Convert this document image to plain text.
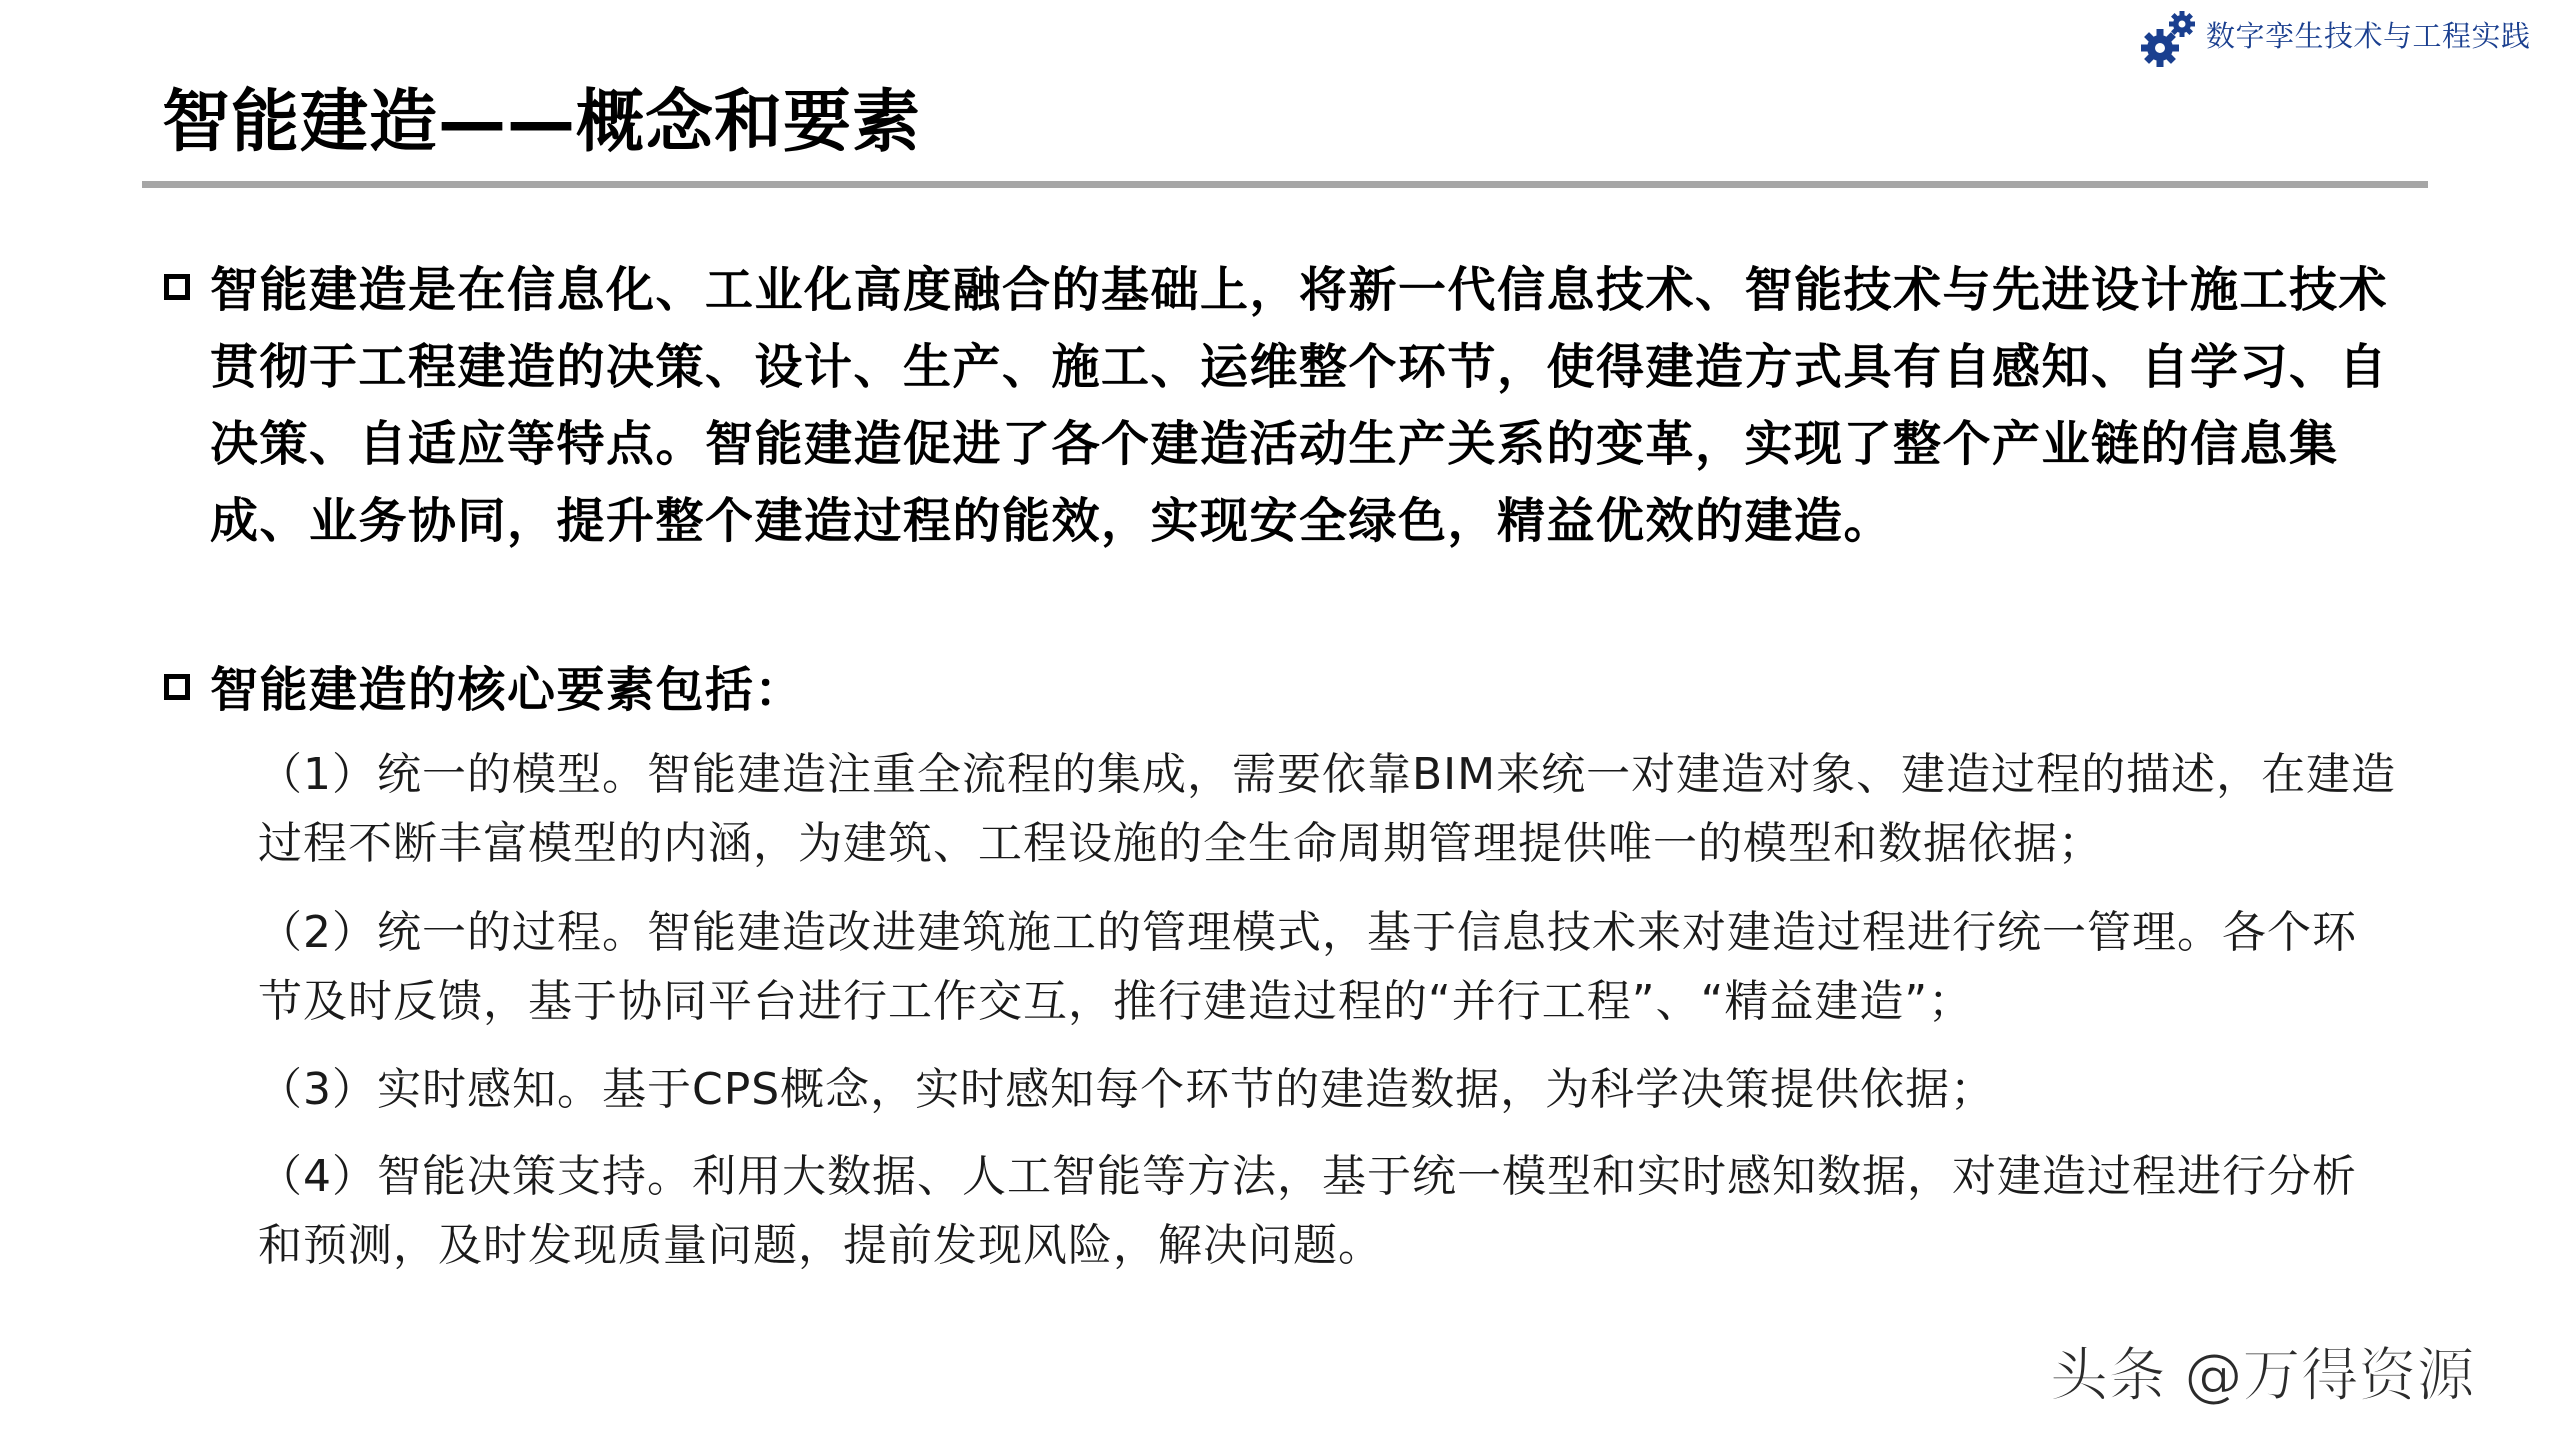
数字孪生技术与工程实践
智能建造——概念和要素
智能建造是在信息化、工业化高度融合的基础上，将新一代信息技术、智能技术与先进设计施工技术贯彻于工程建造的决策、设计、生产、施工、运维整个环节，使得建造方式具有自感知、自学习、自决策、自适应等特点。智能建造促进了各个建造活动生产关系的变革，实现了整个产业链的信息集成、业务协同，提升整个建造过程的能效，实现安全绿色，精益优效的建造。
智能建造的核心要素包括：
（1）统一的模型。智能建造注重全流程的集成，需要依靠BIM来统一对建造对象、建造过程的描述，在建造过程不断丰富模型的内涵，为建筑、工程设施的全生命周期管理提供唯一的模型和数据依据；
（2）统一的过程。智能建造改进建筑施工的管理模式，基于信息技术来对建造过程进行统一管理。各个环节及时反馈，基于协同平台进行工作交互，推行建造过程的“并行工程”、“精益建造”；
（3）实时感知。基于CPS概念，实时感知每个环节的建造数据，为科学决策提供依据；
（4）智能决策支持。利用大数据、人工智能等方法，基于统一模型和实时感知数据，对建造过程进行分析和预测，及时发现质量问题，提前发现风险，解决问题。
头条 @万得资源
